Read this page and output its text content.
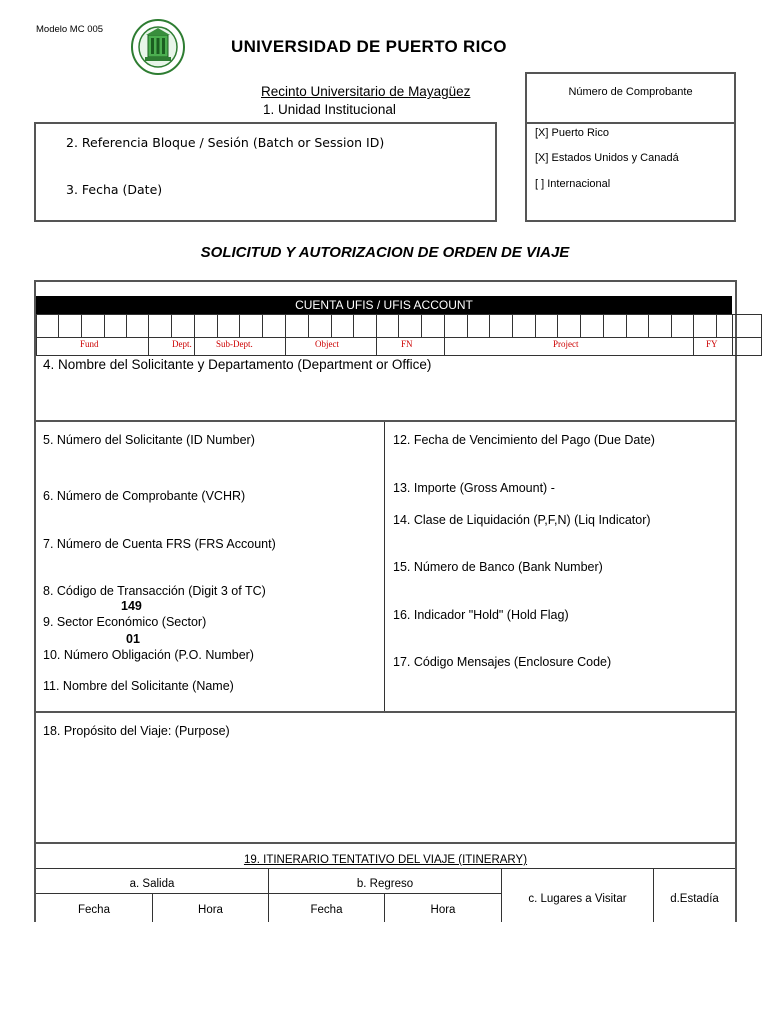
Modelo MC 005
UNIVERSIDAD DE PUERTO RICO
Recinto Universitario de Mayagüez
1. Unidad Institucional
Número de Comprobante
[X] Puerto Rico
[X] Estados Unidos y Canadá
[ ] Internacional
2. Referencia Bloque / Sesión (Batch or Session ID)
3. Fecha (Date)
SOLICITUD Y AUTORIZACION DE ORDEN DE VIAJE
CUENTA UFIS / UFIS ACCOUNT
Fund	Dept.	Sub-Dept.	Object	FN	Project	FY
4. Nombre del Solicitante y Departamento (Department or Office)
5. Número del Solicitante (ID Number)
6. Número de Comprobante (VCHR)
7. Número de Cuenta FRS (FRS Account)
8. Código de Transacción (Digit 3 of TC)
149
9. Sector Económico (Sector)
01
10. Número Obligación (P.O. Number)
11. Nombre del Solicitante (Name)
12. Fecha de Vencimiento del Pago (Due Date)
13. Importe (Gross Amount) -
14. Clase de Liquidación (P,F,N) (Liq Indicator)
15. Número de Banco (Bank Number)
16. Indicador "Hold" (Hold Flag)
17. Código Mensajes (Enclosure Code)
18. Propósito del Viaje: (Purpose)
19. ITINERARIO TENTATIVO DEL VIAJE (ITINERARY)
a. Salida	b. Regreso
c. Lugares a Visitar	d.Estadía
Fecha	Hora	Fecha	Hora
